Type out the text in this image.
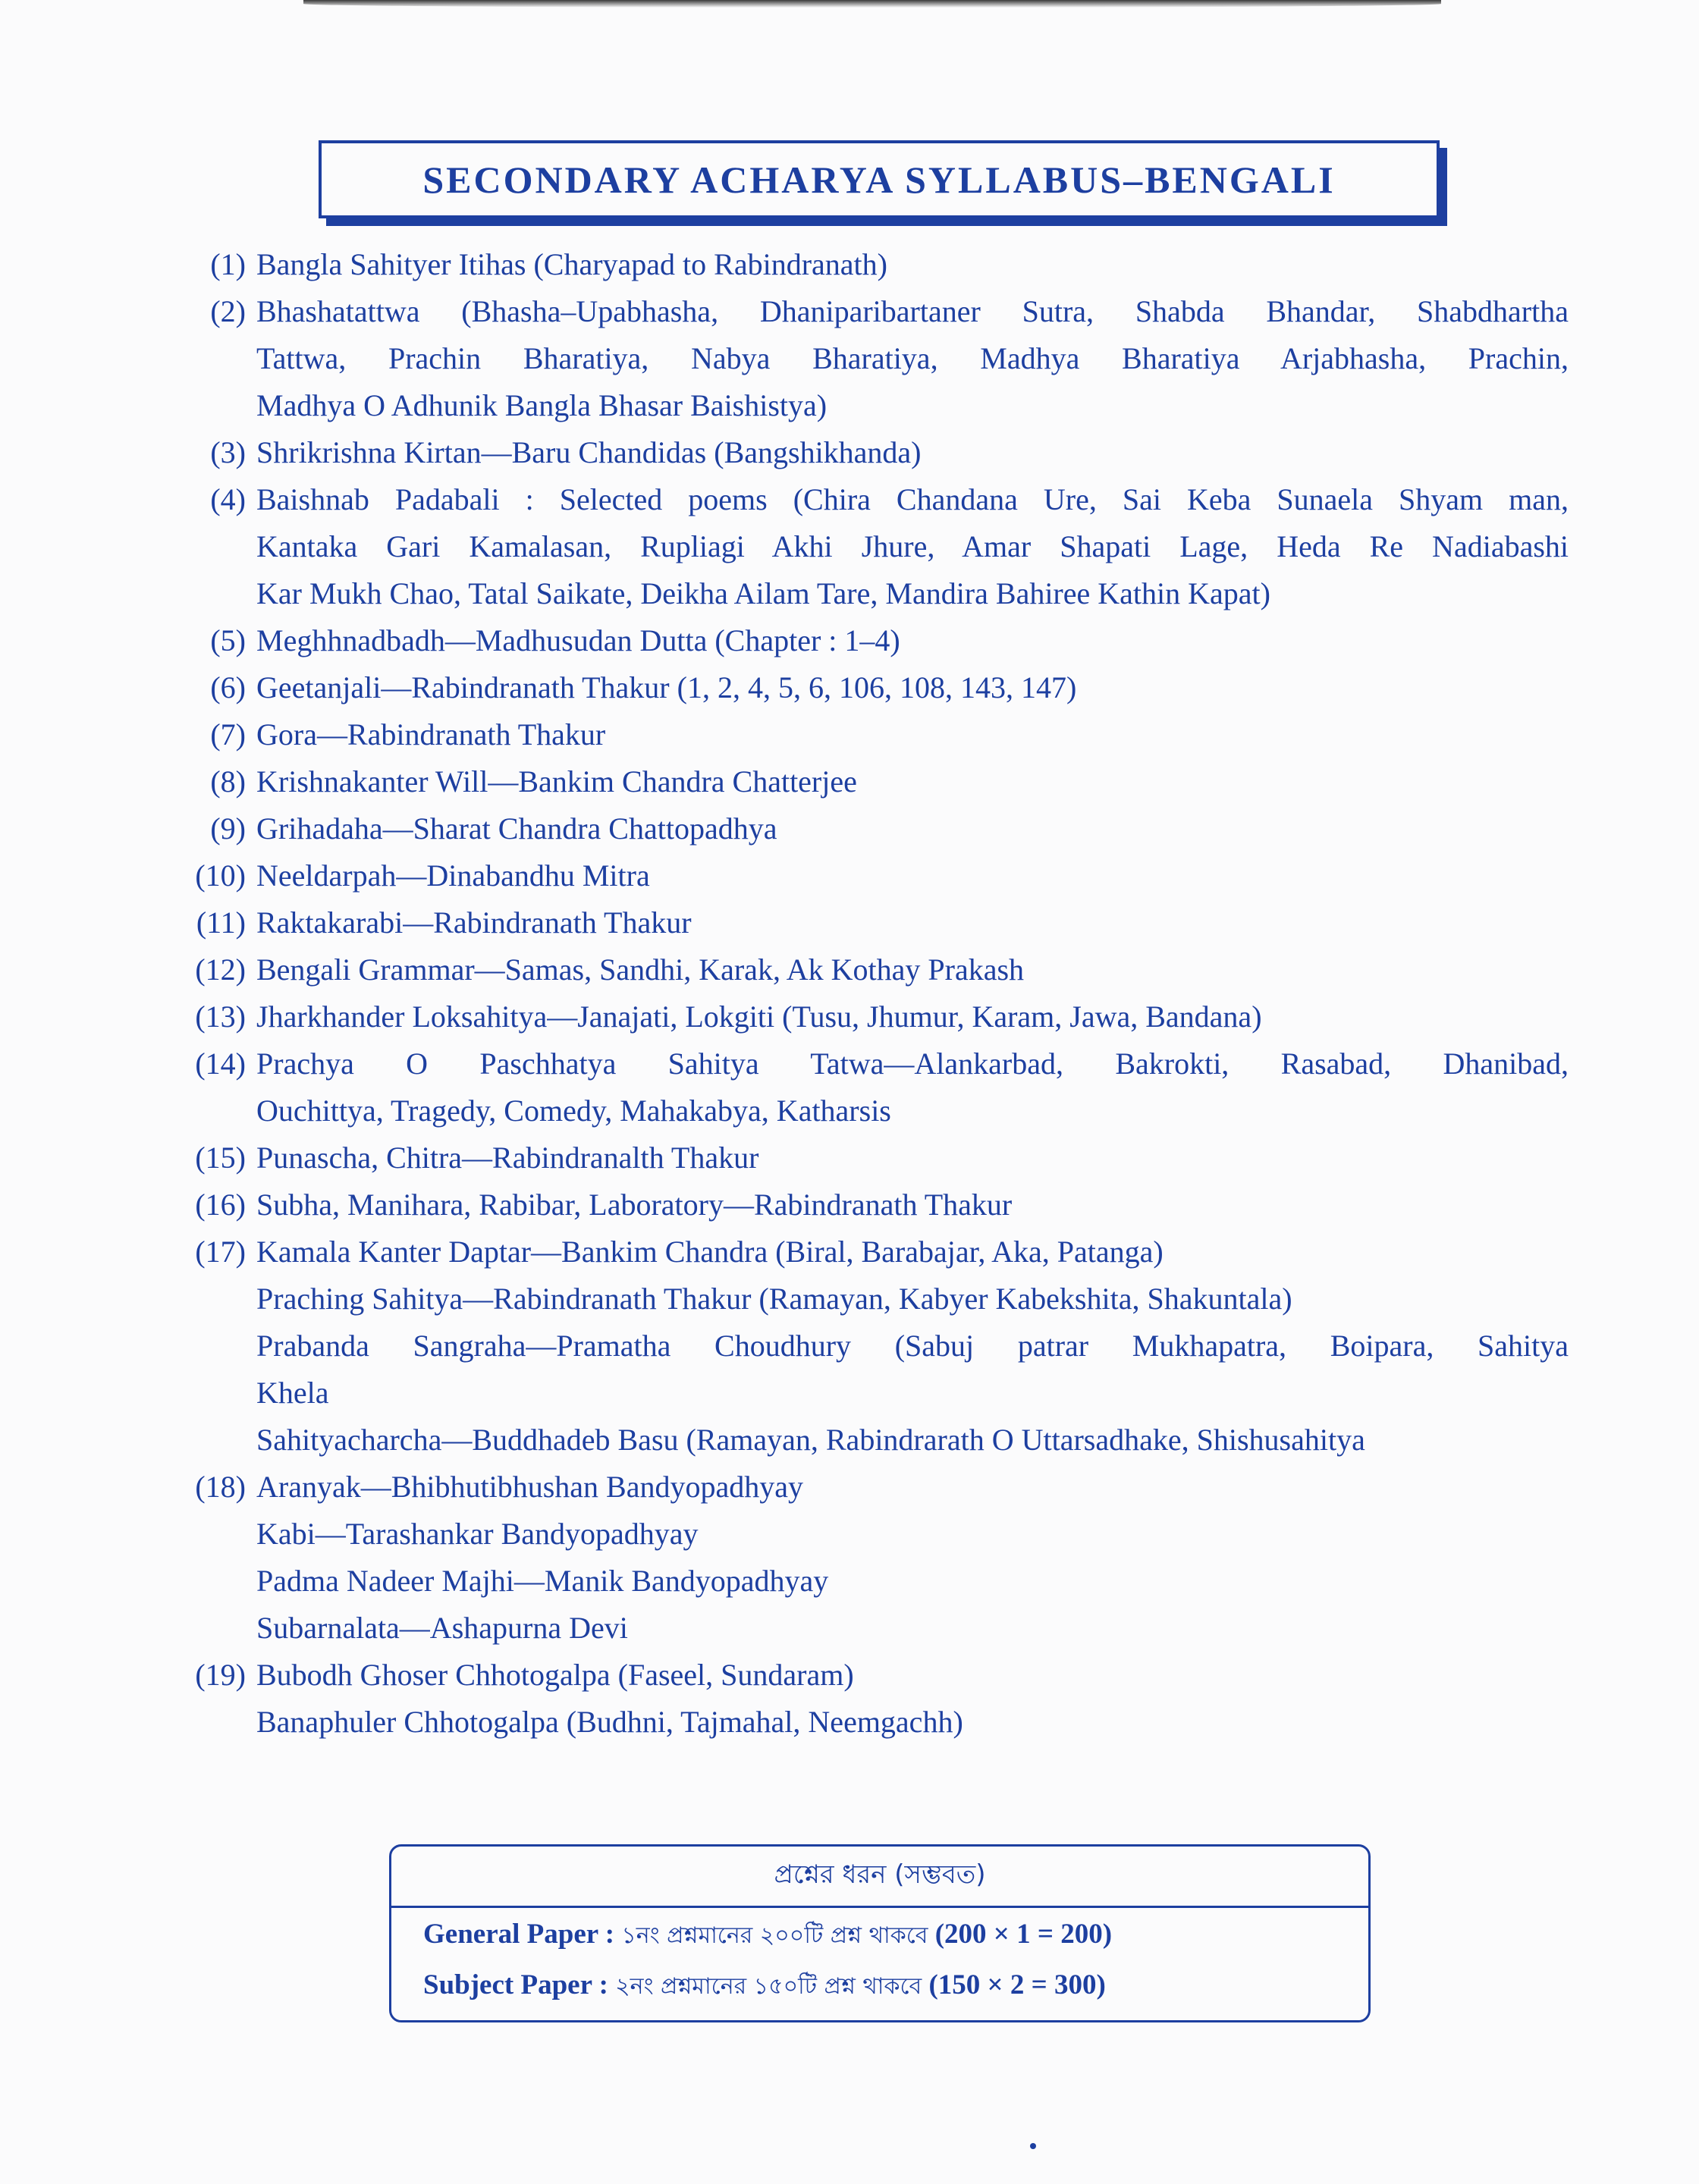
SECONDARY ACHARYA SYLLABUS–BENGALI
(1) Bangla Sahityer Itihas (Charyapad to Rabindranath)
(2) Bhashatattwa (Bhasha–Upabhasha, Dhaniparibartaner Sutra, Shabda Bhandar, Shabdhartha
Tattwa, Prachin Bharatiya, Nabya Bharatiya, Madhya Bharatiya Arjabhasha, Prachin,
Madhya O Adhunik Bangla Bhasar Baishistya)
(3) Shrikrishna Kirtan—Baru Chandidas (Bangshikhanda)
(4) Baishnab Padabali : Selected poems (Chira Chandana Ure, Sai Keba Sunaela Shyam man,
Kantaka Gari Kamalasan, Rupliagi Akhi Jhure, Amar Shapati Lage, Heda Re Nadiabashi
Kar Mukh Chao, Tatal Saikate, Deikha Ailam Tare, Mandira Bahiree Kathin Kapat)
(5) Meghhnadbadh—Madhusudan Dutta (Chapter : 1–4)
(6) Geetanjali—Rabindranath Thakur (1, 2, 4, 5, 6, 106, 108, 143, 147)
(7) Gora—Rabindranath Thakur
(8) Krishnakanter Will—Bankim Chandra Chatterjee
(9) Grihadaha—Sharat Chandra Chattopadhya
(10) Neeldarpah—Dinabandhu Mitra
(11) Raktakarabi—Rabindranath Thakur
(12) Bengali Grammar—Samas, Sandhi, Karak, Ak Kothay Prakash
(13) Jharkhander Loksahitya—Janajati, Lokgiti (Tusu, Jhumur, Karam, Jawa, Bandana)
(14) Prachya O Paschhatya Sahitya Tatwa—Alankarbad, Bakrokti, Rasabad, Dhanibad,
Ouchittya, Tragedy, Comedy, Mahakabya, Katharsis
(15) Punascha, Chitra—Rabindranalth Thakur
(16) Subha, Manihara, Rabibar, Laboratory—Rabindranath Thakur
(17) Kamala Kanter Daptar—Bankim Chandra (Biral, Barabajar, Aka, Patanga)
Praching Sahitya—Rabindranath Thakur (Ramayan, Kabyer Kabekshita, Shakuntala)
Prabanda Sangraha—Pramatha Choudhury (Sabuj patrar Mukhapatra, Boipara, Sahitya
Khela
Sahityacharcha—Buddhadeb Basu (Ramayan, Rabindrarath O Uttarsadhake, Shishusahitya
(18) Aranyak—Bhibhutibhushan Bandyopadhyay
Kabi—Tarashankar Bandyopadhyay
Padma Nadeer Majhi—Manik Bandyopadhyay
Subarnalata—Ashapurna Devi
(19) Bubodh Ghoser Chhotogalpa (Faseel, Sundaram)
Banaphuler Chhotogalpa (Budhni, Tajmahal, Neemgachh)
প্রশ্নের ধরন (সম্ভবত)
General Paper : ১নং প্রশ্নমানের ২০০টি প্রশ্ন থাকবে (200 × 1 = 200)
Subject Paper : ২নং প্রশ্নমানের ১৫০টি প্রশ্ন থাকবে (150 × 2 = 300)
